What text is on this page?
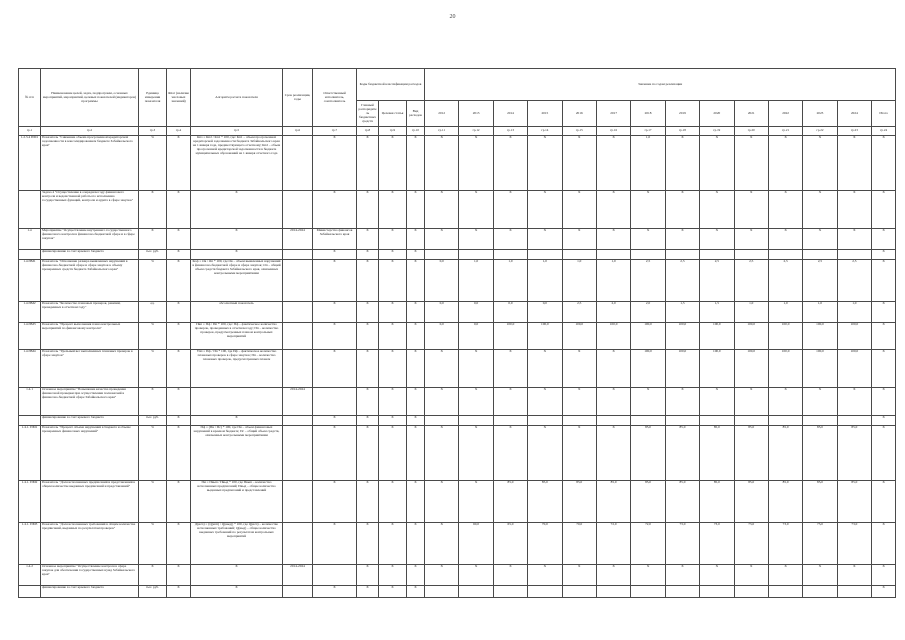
20
№ п/п	Наименование целей, задач, подпрограмм, основных мероприятий, мероприятий, целевых показателей (индикаторов) программы	Единица измерения показателя	Флаг (наличие числовых значений)	Алгоритм расчета показателя	Срок реализации, годы	Ответственный исполнитель, соисполнитель	Коды бюджетной классификации расходов			Значение по годам реализации													
							Главный распорядитель бюджетных средств	Целевая статья	Вид расходов	2012	2013	2014	2015	2016	2017	2018	2019	2020	2021	2022	2023	2024	Итого
гр.1	гр.2	гр.3	гр.4	гр.5	гр.6	гр.7	гр.8	гр.9	гр.10	гр.11	гр.12	гр.13	гр.14	гр.15	гр.16	гр.17	гр.18	гр.19	гр.20	гр.21	гр.22	гр.23	гр.24
1.2.3.4 ПМ1	Показатель "Снижение объема просроченной кредиторской задолженности в консолидированном бюджете Забайкальского края"	%	Х	Кпз = Кп2 / Кп1 * 100, где: Кп1 – объем просроченной кредиторской задолженности бюджета Забайкальского края на 1 января года, предшествующего отчетному; Кп2 – объем просроченной кредиторской задолженности в бюджете муниципальных образований на 1 января отчетного года		Х	Х	Х	Х	Х	Х	Х	Х	Х	Х	1,0	Х	Х	Х	Х	Х	Х	Х
	Задача 4 "Осуществление в очередном году финансового контроля и ведомственной работы по исполнению государственных функций, контроля и аудита в сфере закупок"	Х	Х	Х		Х	Х	Х	Х	Х	Х	Х	Х	Х	Х	Х	Х	Х	Х	Х	Х	Х	Х
1.4	Мероприятие "Осуществление внутреннего государственного финансового контроля в финансово-бюджетной сфере и в сфере закупок"	Х	Х	Х	2014-2024	Министерство финансов Забайкальского края	Х	Х	Х	Х	Х	Х	Х	Х	Х	Х	Х	Х	Х	Х	Х	Х	Х
	финансирование за счет краевого бюджета	тыс. руб.	Х	Х		Х	Х	Х	Х														Х
1.4.ПМ1	Показатель "Отношение размера выявленных нарушений в финансово-бюджетной сфере и сфере закупок к объему проверенных средств бюджета Забайкальского края"	%	Х	Коф = Ов / Оп * 100, где Ов – объем выявленных нарушений в финансово-бюджетной сфере и сфере закупок; Оп – общий объем средств бюджета Забайкальского края, охваченных контрольными мероприятиями		Х	Х	Х	Х	0,0	1,0	1,0	1,0	1,0	1,0	2,5	2,5	2,5	2,5	2,5	2,5	2,5	Х
1.4.ПМ2	Показатель "Количество плановых проверок, ревизий, проведенных в отчетном году"	ед.	Х	абсолютный показатель		Х	Х	Х	Х	0,0	0,0	0,0	0,0	2,5	2,0	2,0	1,5	1,5	1,0	1,0	1,0	1,0	Х
1.4.ПМ3	Показатель "Процент выполнения плана контрольных мероприятий по финансовому контролю"	%	Х	Пвп = Пф / Пп * 100, где: Пф – фактическое количество проверок, проведенных в отчетном году; Пп – количество проверок, предусмотренных планом контрольных мероприятий		Х	Х	Х	Х	0,0	0,0	100,0	100,0	100,0	100,0	100,0	100,0	100,0	100,0	100,0	100,0	100,0	Х
1.4.ПМ4	Показатель "Удельный вес выполненных плановых проверок в сфере закупок"	%	Х	Упп = Пф / Пп * 100, где Пф – фактическое количество плановых проверок в сфере закупок; Пп – количество плановых проверок, предусмотренных планом		Х	Х	Х	Х	Х	Х	Х	Х	Х	Х	100,0	100,0	100,0	100,0	100,0	100,0	100,0	Х
1.4.1	Основное мероприятие "Повышение качества проведения финансовой проверки при осуществлении полномочий в финансово-бюджетной сфере Забайкальского края"	Х	Х		2014-2024		Х	Х	Х	Х	Х	Х	Х	Х	Х	Х	Х	Х	Х	Х	Х	Х	Х
	финансирование за счет краевого бюджета	тыс. руб.	Х	Х		Х	Х	Х	Х														Х
1.4.1. ПМ1	Показатель "Процент объема нарушений в бюджете и объеме проверенных финансовых нарушений"	%	Х	Пф = (Пн / Пс) * 100, где Пн – объем финансовых нарушений в краевом бюджете; Пс – общий объем средств, охваченных контрольными мероприятиями		Х	Х	Х	Х	Х	Х	Х	Х	Х	Х	85,0	85,0	85,0	85,0	85,0	85,0	85,0	Х
1.4.1. ПМ2	Показатель "Доля исполненных предписаний и представлений в общем количестве выданных предписаний и представлений"	%	Х	Пи = Пвып / Пвыд * 100, где Пвып – количество исполненных предписаний; Пвыд – общее количество выданных предписаний и представлений		Х	Х	Х	Х	Х	Х	85,0	85,0	85,0	85,0	85,0	85,0	85,0	85,0	85,0	85,0	85,0	Х
1.4.1. ПМ3	Показатель "Доля исполненных требований в общем количестве предписаний, выданных по результатам проверок"	%	Х	Д(исп) = (Q(исп) / Q(выд)) * 100, где Q(исп) – количество исполненных требований; Q(выд) – общее количество выданных требований по результатам контрольных мероприятий		Х	Х	Х	Х	Х	60,0	65,0	70,0	70,0	72,0	72,0	73,0	73,0	73,0	73,0	73,0	73,0	Х
1.4.2	Основное мероприятие "Осуществление контроля в сфере закупок для обеспечения государственных нужд Забайкальского края"	Х	Х	Х	2014-2024		Х	Х	Х	Х	Х	Х	Х	Х	Х	Х	Х	Х	Х	Х	Х	Х	Х
	финансирование за счет краевого бюджета	тыс. руб.	Х	Х		Х	Х	Х	Х														Х
